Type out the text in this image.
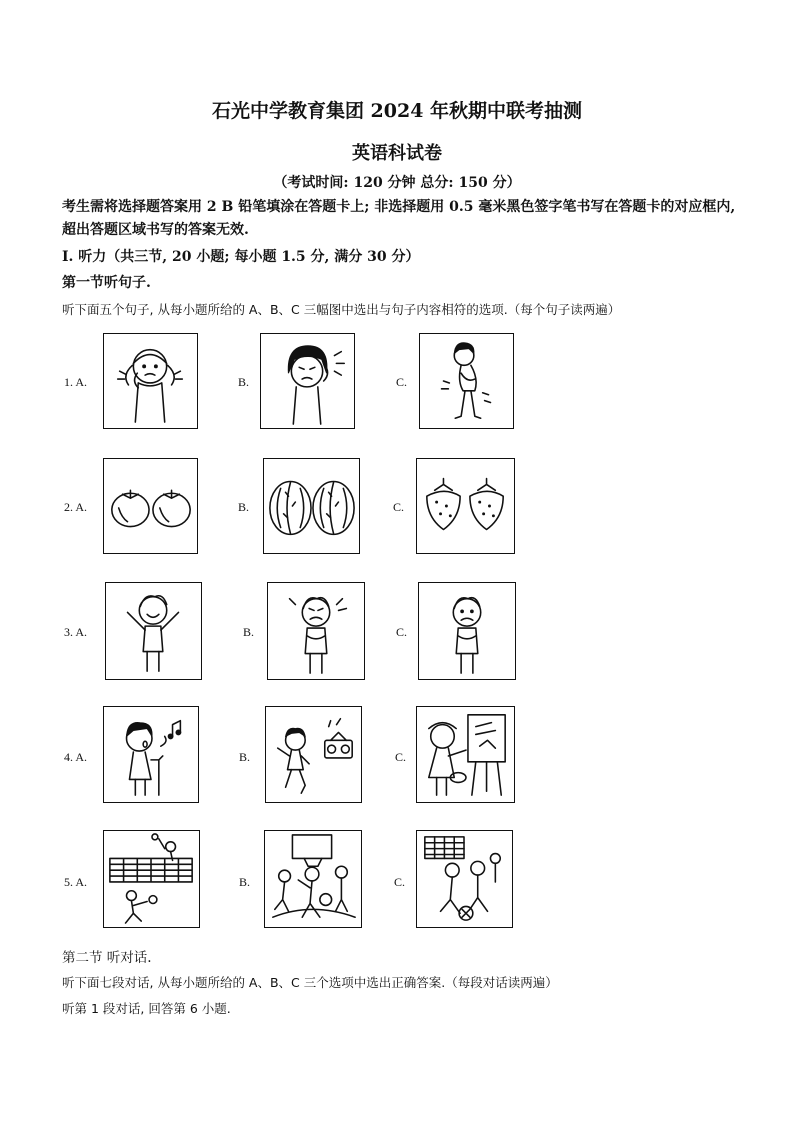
石光中学教育集团 2024 年秋期中联考抽测
英语科试卷
（考试时间: 120 分钟 总分: 150 分）
考生需将选择题答案用 2 B 铅笔填涂在答题卡上; 非选择题用 0.5 毫米黑色签字笔书写在答题卡的对应框内, 超出答题区域书写的答案无效.
I. 听力（共三节, 20 小题; 每小题 1.5 分, 满分 30 分）
第一节听句子.
听下面五个句子, 从每小题所给的 A、B、C 三幅图中选出与句子内容相符的选项.（每个句子读两遍）
1. A.	B.	C.
2. A.	B.	C.
3. A.	B.	C.
4. A.	B.	C.
5. A.	B.	C.
第二节 听对话.
听下面七段对话, 从每小题所给的 A、B、C 三个选项中选出正确答案.（每段对话读两遍）
听第 1 段对话, 回答第 6 小题.
